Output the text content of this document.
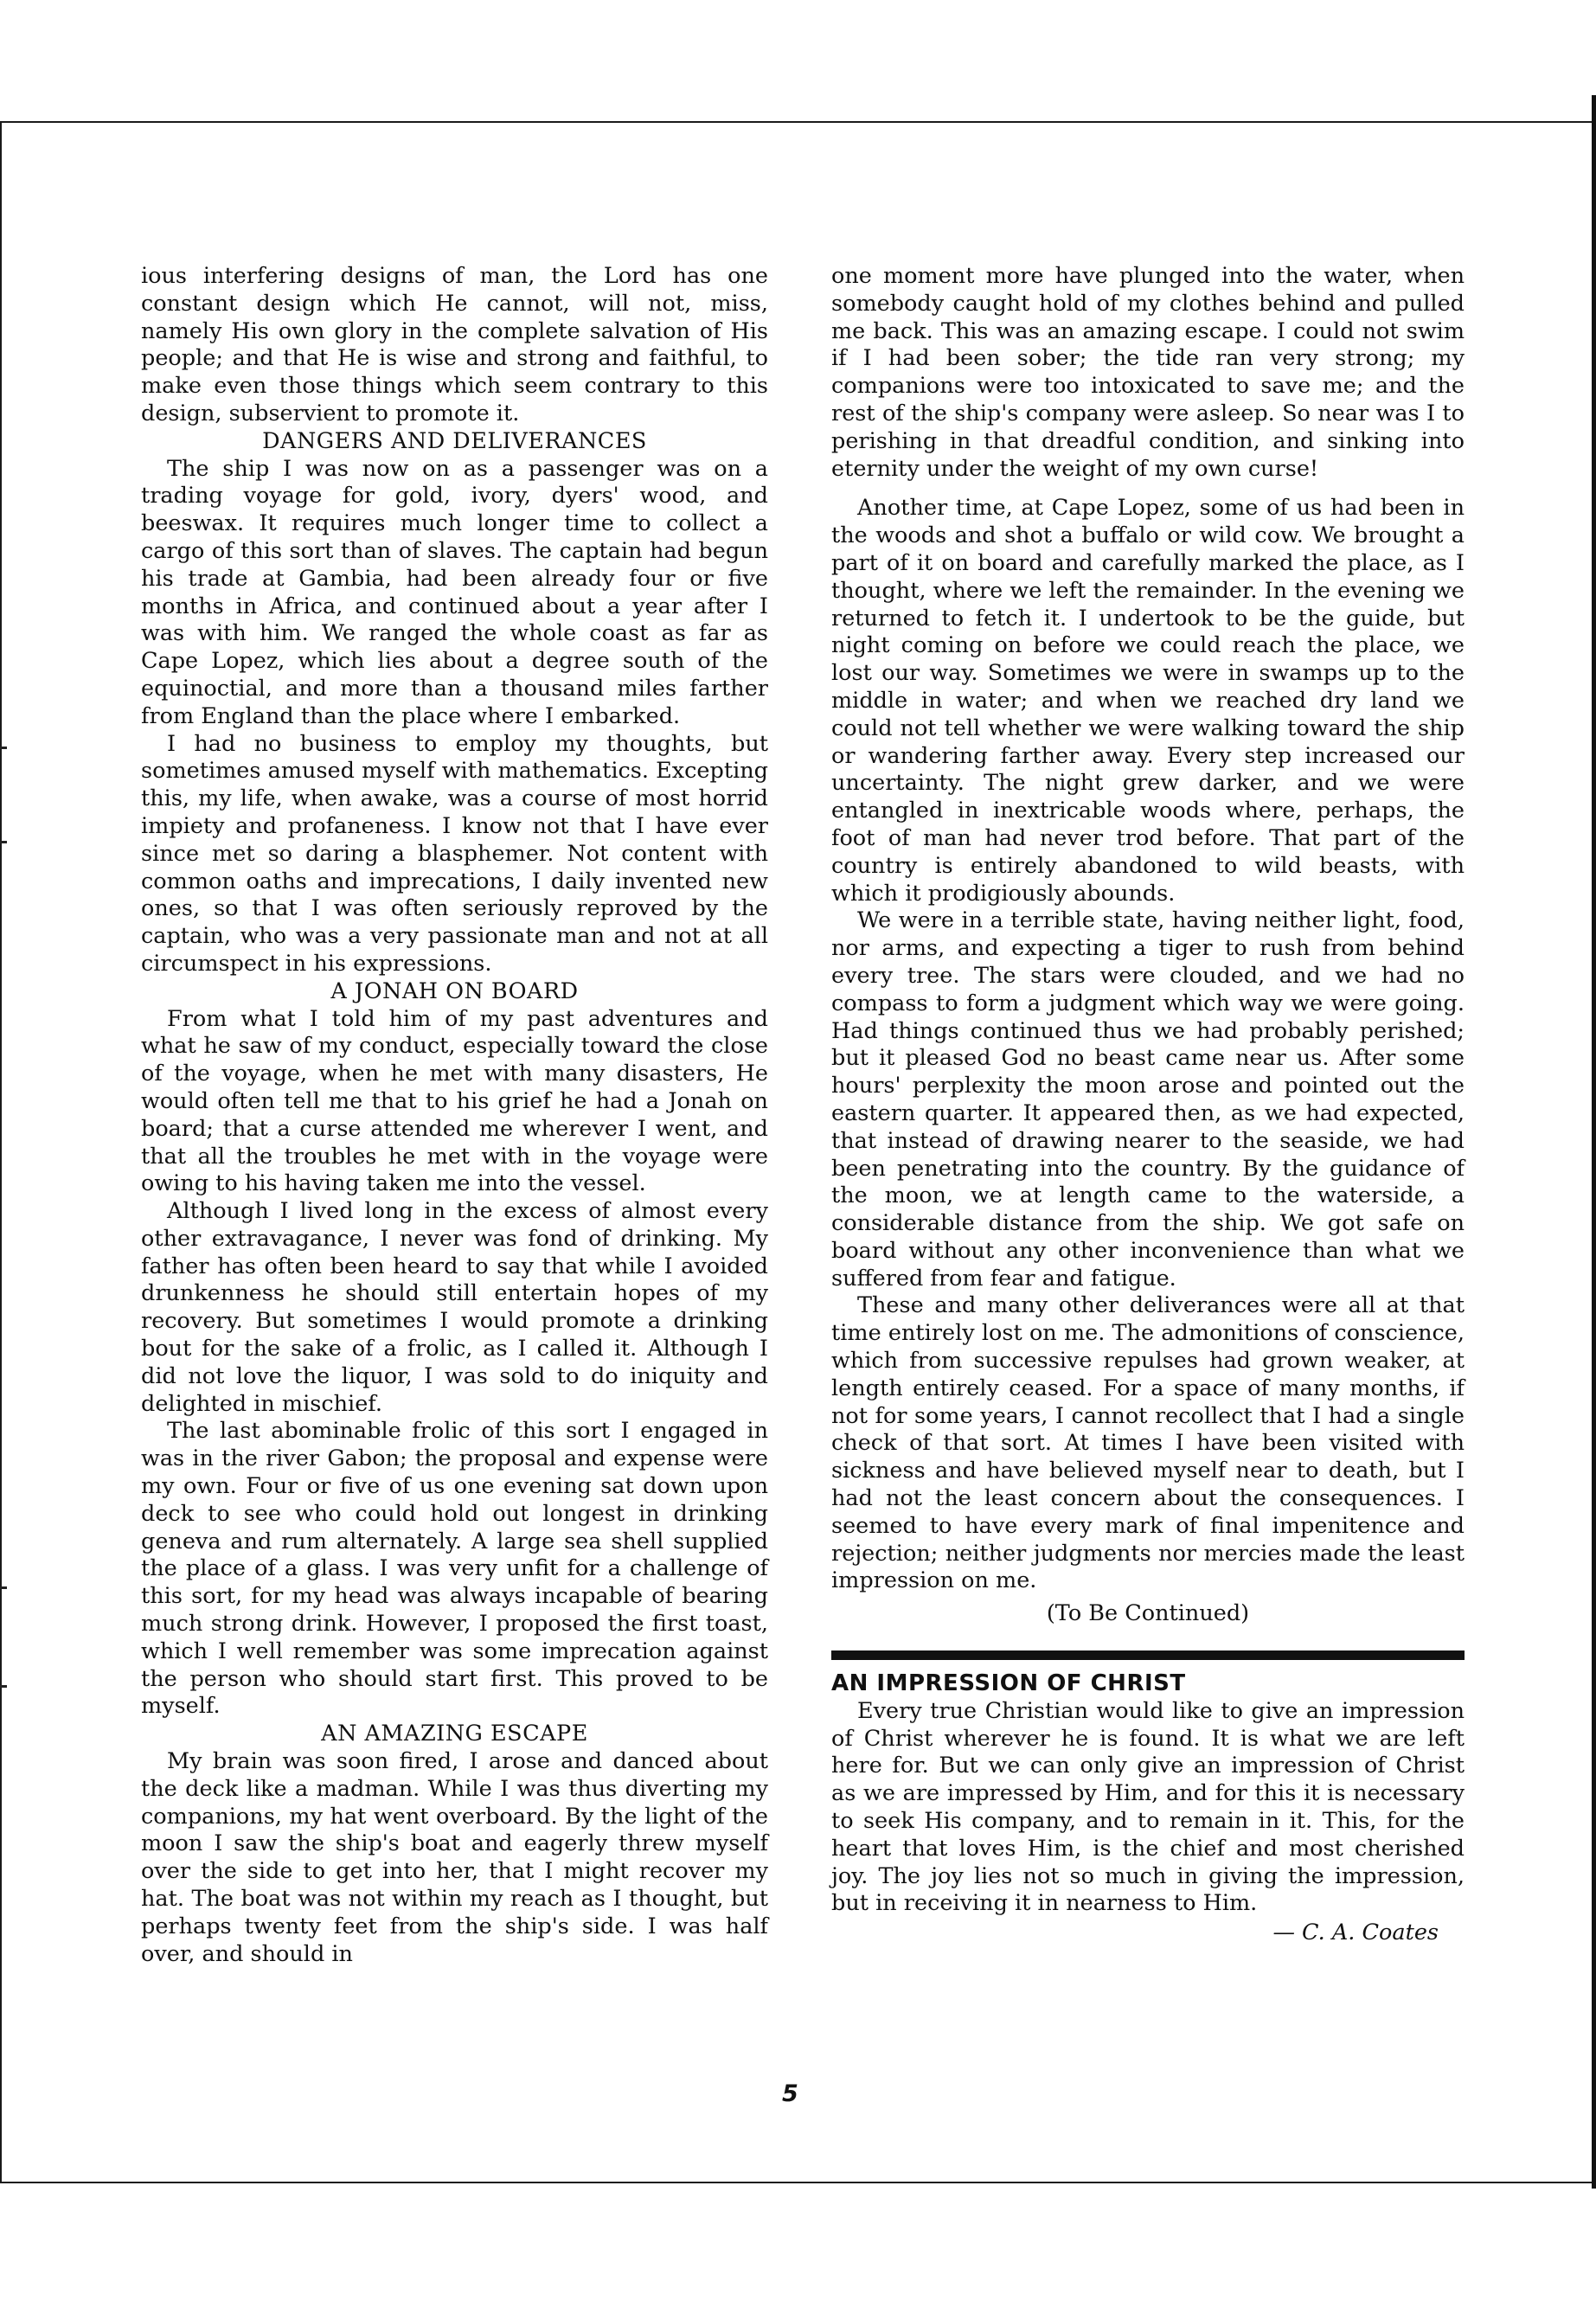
ious interfering designs of man, the Lord has one constant design which He cannot, will not, miss, namely His own glory in the complete salvation of His people; and that He is wise and strong and faithful, to make even those things which seem contrary to this design, subservient to promote it.

DANGERS AND DELIVERANCES

The ship I was now on as a passenger was on a trading voyage for gold, ivory, dyers' wood, and beeswax. It requires much longer time to collect a cargo of this sort than of slaves. The captain had begun his trade at Gambia, had been already four or five months in Africa, and continued about a year after I was with him. We ranged the whole coast as far as Cape Lopez, which lies about a degree south of the equinoctial, and more than a thousand miles farther from England than the place where I embarked.

I had no business to employ my thoughts, but sometimes amused myself with mathematics. Excepting this, my life, when awake, was a course of most horrid impiety and profaneness. I know not that I have ever since met so daring a blasphemer. Not content with common oaths and imprecations, I daily invented new ones, so that I was often seriously reproved by the captain, who was a very passionate man and not at all circumspect in his expressions.

A JONAH ON BOARD

From what I told him of my past adventures and what he saw of my conduct, especially toward the close of the voyage, when he met with many disasters, He would often tell me that to his grief he had a Jonah on board; that a curse attended me wherever I went, and that all the troubles he met with in the voyage were owing to his having taken me into the vessel.

Although I lived long in the excess of almost every other extravagance, I never was fond of drinking. My father has often been heard to say that while I avoided drunkenness he should still entertain hopes of my recovery. But sometimes I would promote a drinking bout for the sake of a frolic, as I called it. Although I did not love the liquor, I was sold to do iniquity and delighted in mischief.

The last abominable frolic of this sort I engaged in was in the river Gabon; the proposal and expense were my own. Four or five of us one evening sat down upon deck to see who could hold out longest in drinking geneva and rum alternately. A large sea shell supplied the place of a glass. I was very unfit for a challenge of this sort, for my head was always incapable of bearing much strong drink. However, I proposed the first toast, which I well remember was some imprecation against the person who should start first. This proved to be myself.

AN AMAZING ESCAPE

My brain was soon fired, I arose and danced about the deck like a madman. While I was thus diverting my companions, my hat went overboard. By the light of the moon I saw the ship's boat and eagerly threw myself over the side to get into her, that I might recover my hat. The boat was not within my reach as I thought, but perhaps twenty feet from the ship's side. I was half over, and should in

one moment more have plunged into the water, when somebody caught hold of my clothes behind and pulled me back. This was an amazing escape. I could not swim if I had been sober; the tide ran very strong; my companions were too intoxicated to save me; and the rest of the ship's company were asleep. So near was I to perishing in that dreadful condition, and sinking into eternity under the weight of my own curse!

Another time, at Cape Lopez, some of us had been in the woods and shot a buffalo or wild cow. We brought a part of it on board and carefully marked the place, as I thought, where we left the remainder. In the evening we returned to fetch it. I undertook to be the guide, but night coming on before we could reach the place, we lost our way. Sometimes we were in swamps up to the middle in water; and when we reached dry land we could not tell whether we were walking toward the ship or wandering farther away. Every step increased our uncertainty. The night grew darker, and we were entangled in inextricable woods where, perhaps, the foot of man had never trod before. That part of the country is entirely abandoned to wild beasts, with which it prodigiously abounds.

We were in a terrible state, having neither light, food, nor arms, and expecting a tiger to rush from behind every tree. The stars were clouded, and we had no compass to form a judgment which way we were going. Had things continued thus we had probably perished; but it pleased God no beast came near us. After some hours' perplexity the moon arose and pointed out the eastern quarter. It appeared then, as we had expected, that instead of drawing nearer to the seaside, we had been penetrating into the country. By the guidance of the moon, we at length came to the waterside, a considerable distance from the ship. We got safe on board without any other inconvenience than what we suffered from fear and fatigue.

These and many other deliverances were all at that time entirely lost on me. The admonitions of conscience, which from successive repulses had grown weaker, at length entirely ceased. For a space of many months, if not for some years, I cannot recollect that I had a single check of that sort. At times I have been visited with sickness and have believed myself near to death, but I had not the least concern about the consequences. I seemed to have every mark of final impenitence and rejection; neither judgments nor mercies made the least impression on me.

(To Be Continued)
AN IMPRESSION OF CHRIST

Every true Christian would like to give an impression of Christ wherever he is found. It is what we are left here for. But we can only give an impression of Christ as we are impressed by Him, and for this it is necessary to seek His company, and to remain in it. This, for the heart that loves Him, is the chief and most cherished joy. The joy lies not so much in giving the impression, but in receiving it in nearness to Him.

— C. A. Coates
5
